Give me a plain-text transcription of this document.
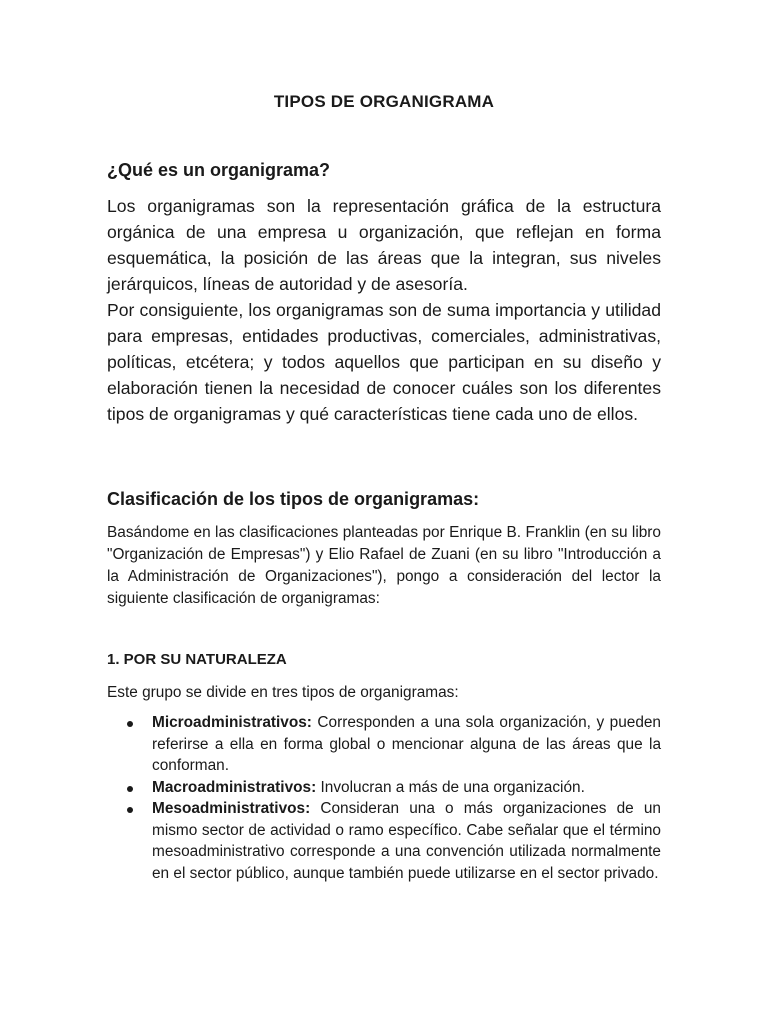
TIPOS DE ORGANIGRAMA
¿Qué es un organigrama?

Los organigramas son la representación gráfica de la estructura orgánica de una empresa u organización, que reflejan en forma esquemática, la posición de las áreas que la integran, sus niveles jerárquicos, líneas de autoridad y de asesoría.

Por consiguiente, los organigramas son de suma importancia y utilidad para empresas, entidades productivas, comerciales, administrativas, políticas, etcétera; y todos aquellos que participan en su diseño y elaboración tienen la necesidad de conocer cuáles son los diferentes tipos de organigramas y qué características tiene cada uno de ellos.

Clasificación de los tipos de organigramas:

Basándome en las clasificaciones planteadas por Enrique B. Franklin (en su libro "Organización de Empresas") y Elio Rafael de Zuani (en su libro "Introducción a la Administración de Organizaciones"), pongo a consideración del lector la siguiente clasificación de organigramas:

1. POR SU NATURALEZA

Este grupo se divide en tres tipos de organigramas:

Microadministrativos: Corresponden a una sola organización, y pueden referirse a ella en forma global o mencionar alguna de las áreas que la conforman.
Macroadministrativos: Involucran a más de una organización.
Mesoadministrativos: Consideran una o más organizaciones de un mismo sector de actividad o ramo específico. Cabe señalar que el término mesoadministrativo corresponde a una convención utilizada normalmente en el sector público, aunque también puede utilizarse en el sector privado.
